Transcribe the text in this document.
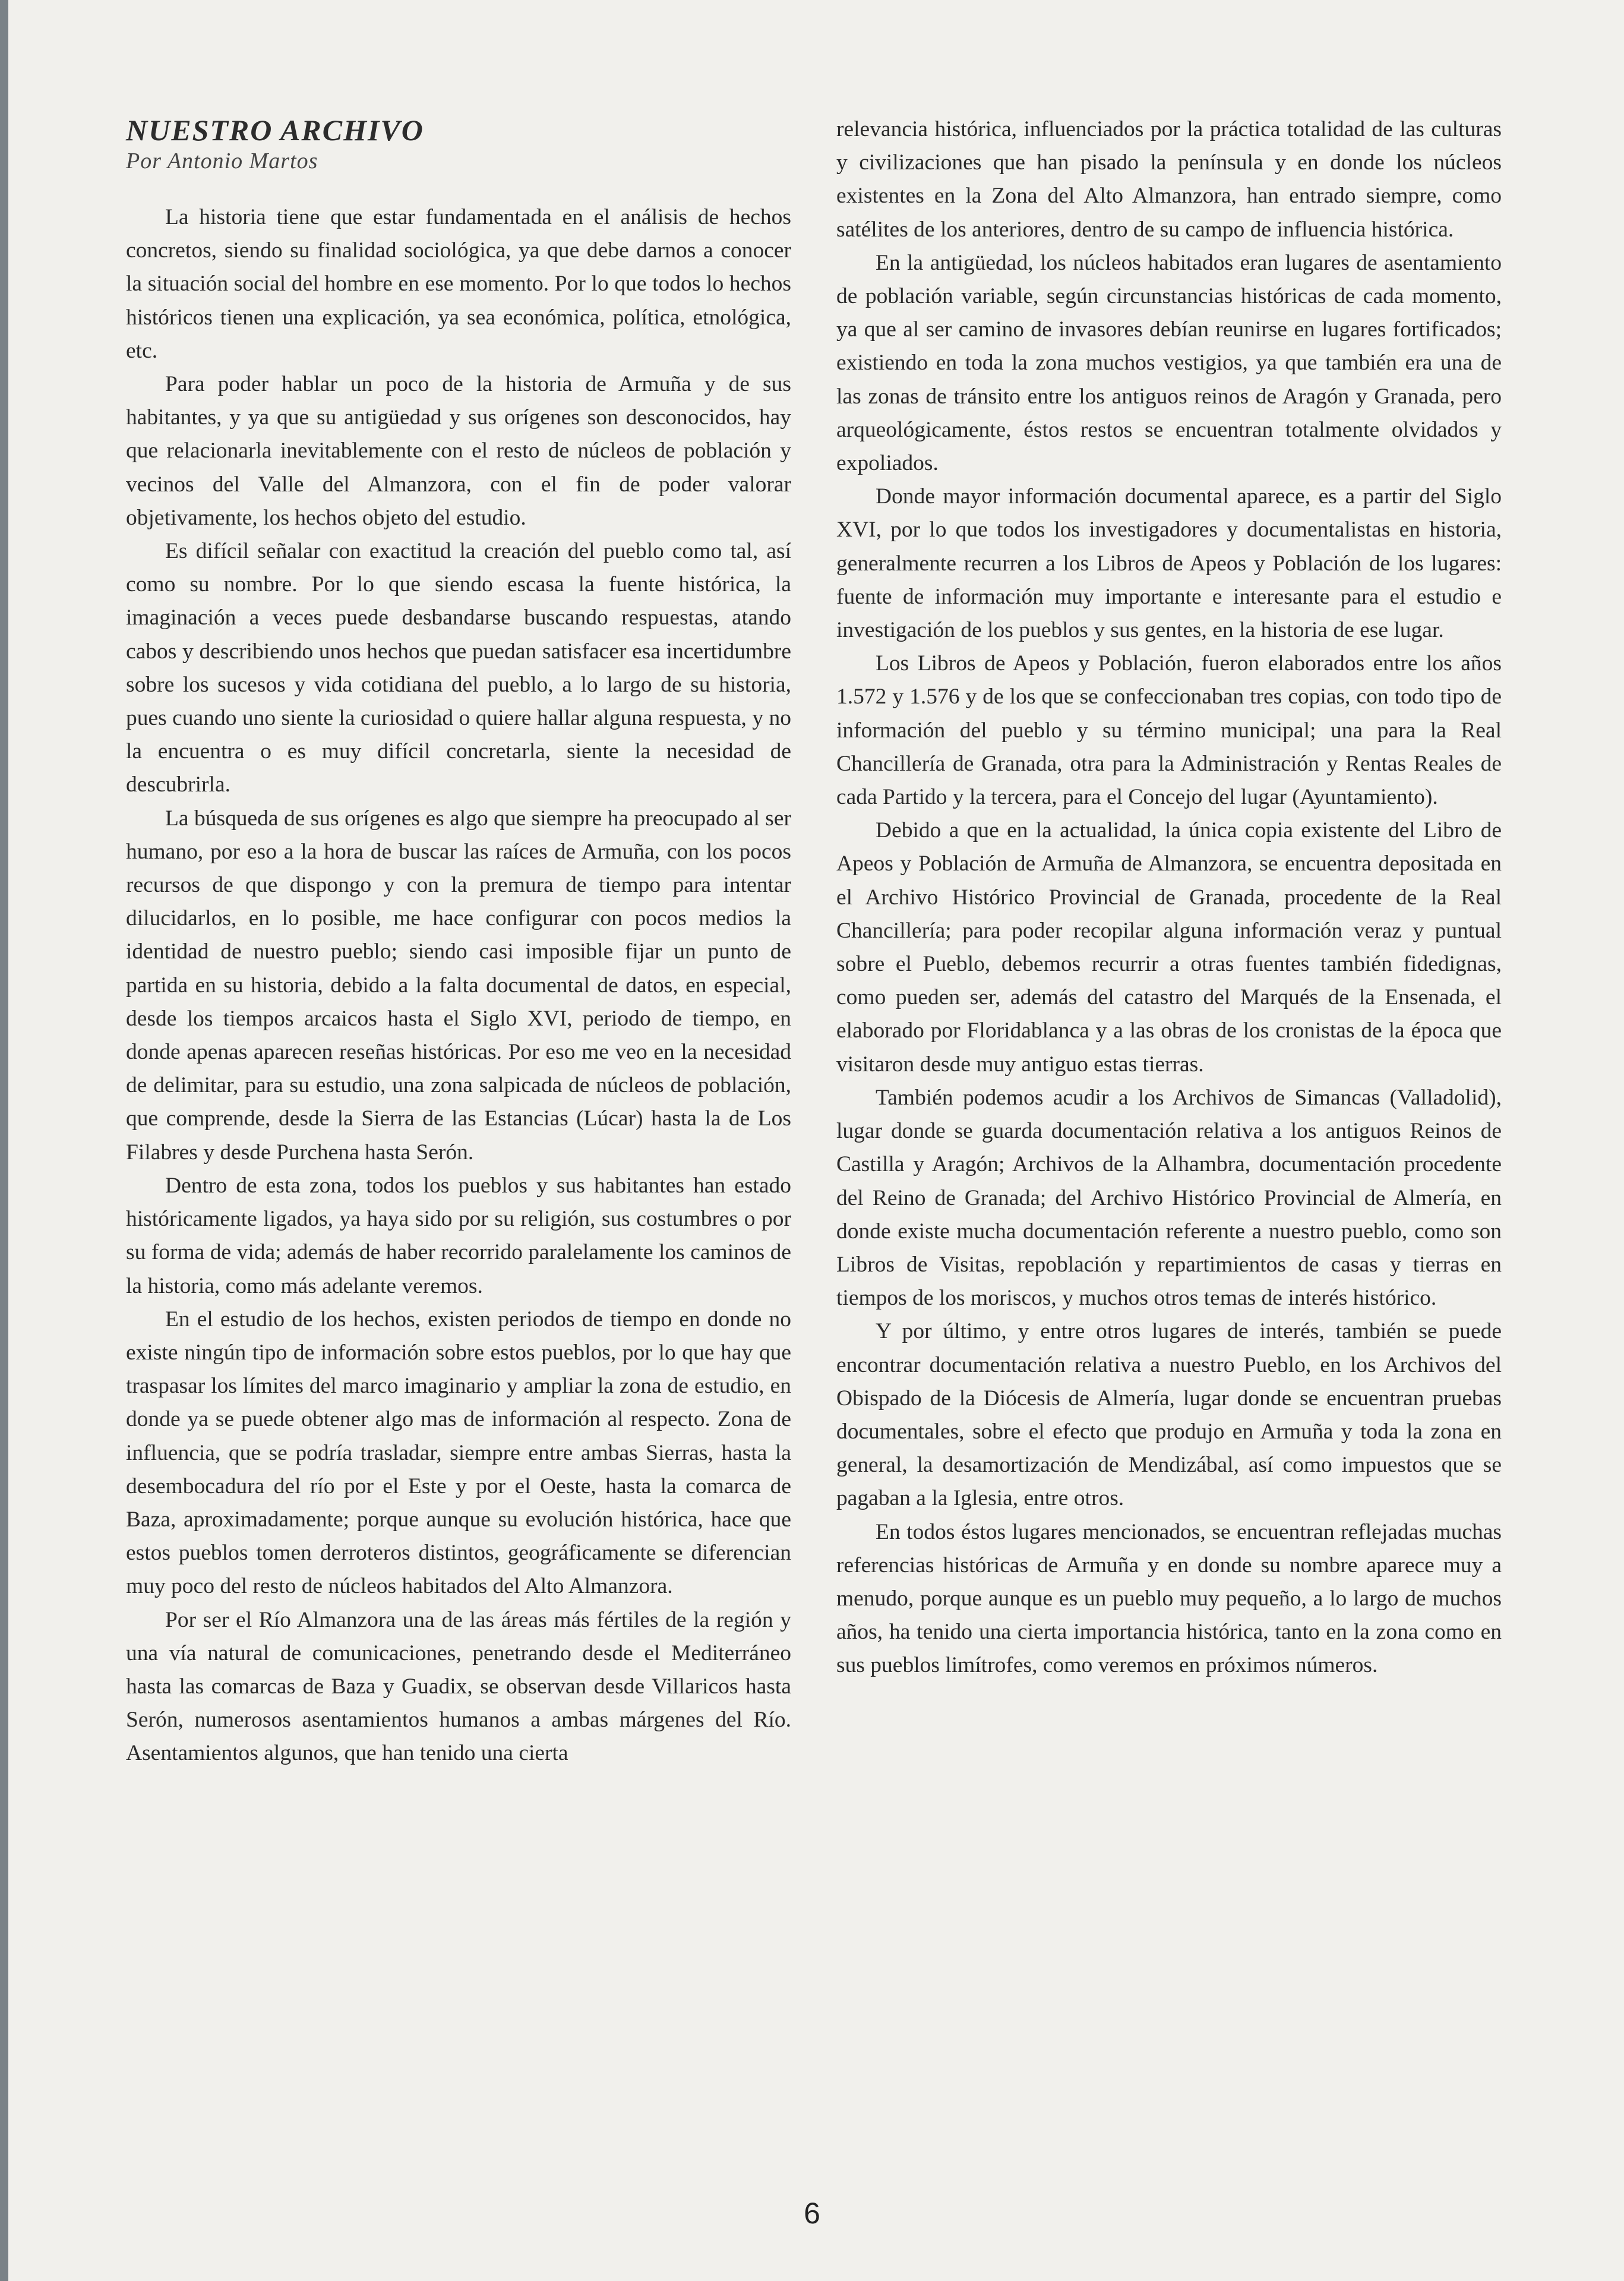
NUESTRO ARCHIVO

Por Antonio Martos

La historia tiene que estar fundamentada en el análisis de hechos concretos, siendo su finalidad sociológica, ya que debe darnos a conocer la situación social del hombre en ese momento. Por lo que todos lo hechos históricos tienen una explicación, ya sea económica, política, etnológica, etc.

Para poder hablar un poco de la historia de Armuña y de sus habitantes, y ya que su antigüedad y sus orígenes son desconocidos, hay que relacionarla inevitablemente con el resto de núcleos de población y vecinos del Valle del Almanzora, con el fin de poder valorar objetivamente, los hechos objeto del estudio.

Es difícil señalar con exactitud la creación del pueblo como tal, así como su nombre. Por lo que siendo escasa la fuente histórica, la imaginación a veces puede desbandarse buscando respuestas, atando cabos y describiendo unos hechos que puedan satisfacer esa incertidumbre sobre los sucesos y vida cotidiana del pueblo, a lo largo de su historia, pues cuando uno siente la curiosidad o quiere hallar alguna respuesta, y no la encuentra o es muy difícil concretarla, siente la necesidad de descubrirla.

La búsqueda de sus orígenes es algo que siempre ha preocupado al ser humano, por eso a la hora de buscar las raíces de Armuña, con los pocos recursos de que dispongo y con la premura de tiempo para intentar dilucidarlos, en lo posible, me hace configurar con pocos medios la identidad de nuestro pueblo; siendo casi imposible fijar un punto de partida en su historia, debido a la falta documental de datos, en especial, desde los tiempos arcaicos hasta el Siglo XVI, periodo de tiempo, en donde apenas aparecen reseñas históricas. Por eso me veo en la necesidad de delimitar, para su estudio, una zona salpicada de núcleos de población, que comprende, desde la Sierra de las Estancias (Lúcar) hasta la de Los Filabres y desde Purchena hasta Serón.

Dentro de esta zona, todos los pueblos y sus habitantes han estado históricamente ligados, ya haya sido por su religión, sus costumbres o por su forma de vida; además de haber recorrido paralelamente los caminos de la historia, como más adelante veremos.

En el estudio de los hechos, existen periodos de tiempo en donde no existe ningún tipo de información sobre estos pueblos, por lo que hay que traspasar los límites del marco imaginario y ampliar la zona de estudio, en donde ya se puede obtener algo mas de información al respecto. Zona de influencia, que se podría trasladar, siempre entre ambas Sierras, hasta la desembocadura del río por el Este y por el Oeste, hasta la comarca de Baza, aproximadamente; porque aunque su evolución histórica, hace que estos pueblos tomen derroteros distintos, geográficamente se diferencian muy poco del resto de núcleos habitados del Alto Almanzora.

Por ser el Río Almanzora una de las áreas más fértiles de la región y una vía natural de comunicaciones, penetrando desde el Mediterráneo hasta las comarcas de Baza y Guadix, se observan desde Villaricos hasta Serón, numerosos asentamientos humanos a ambas márgenes del Río. Asentamientos algunos, que han tenido una cierta

relevancia histórica, influenciados por la práctica totalidad de las culturas y civilizaciones que han pisado la península y en donde los núcleos existentes en la Zona del Alto Almanzora, han entrado siempre, como satélites de los anteriores, dentro de su campo de influencia histórica.

En la antigüedad, los núcleos habitados eran lugares de asentamiento de población variable, según circunstancias históricas de cada momento, ya que al ser camino de invasores debían reunirse en lugares fortificados; existiendo en toda la zona muchos vestigios, ya que también era una de las zonas de tránsito entre los antiguos reinos de Aragón y Granada, pero arqueológicamente, éstos restos se encuentran totalmente olvidados y expoliados.

Donde mayor información documental aparece, es a partir del Siglo XVI, por lo que todos los investigadores y documentalistas en historia, generalmente recurren a los Libros de Apeos y Población de los lugares: fuente de información muy importante e interesante para el estudio e investigación de los pueblos y sus gentes, en la historia de ese lugar.

Los Libros de Apeos y Población, fueron elaborados entre los años 1.572 y 1.576 y de los que se confeccionaban tres copias, con todo tipo de información del pueblo y su término municipal; una para la Real Chancillería de Granada, otra para la Administración y Rentas Reales de cada Partido y la tercera, para el Concejo del lugar (Ayuntamiento).

Debido a que en la actualidad, la única copia existente del Libro de Apeos y Población de Armuña de Almanzora, se encuentra depositada en el Archivo Histórico Provincial de Granada, procedente de la Real Chancillería; para poder recopilar alguna información veraz y puntual sobre el Pueblo, debemos recurrir a otras fuentes también fidedignas, como pueden ser, además del catastro del Marqués de la Ensenada, el elaborado por Floridablanca y a las obras de los cronistas de la época que visitaron desde muy antiguo estas tierras.

También podemos acudir a los Archivos de Simancas (Valladolid), lugar donde se guarda documentación relativa a los antiguos Reinos de Castilla y Aragón; Archivos de la Alhambra, documentación procedente del Reino de Granada; del Archivo Histórico Provincial de Almería, en donde existe mucha documentación referente a nuestro pueblo, como son Libros de Visitas, repoblación y repartimientos de casas y tierras en tiempos de los moriscos, y muchos otros temas de interés histórico.

Y por último, y entre otros lugares de interés, también se puede encontrar documentación relativa a nuestro Pueblo, en los Archivos del Obispado de la Diócesis de Almería, lugar donde se encuentran pruebas documentales, sobre el efecto que produjo en Armuña y toda la zona en general, la desamortización de Mendizábal, así como impuestos que se pagaban a la Iglesia, entre otros.

En todos éstos lugares mencionados, se encuentran reflejadas muchas referencias históricas de Armuña y en donde su nombre aparece muy a menudo, porque aunque es un pueblo muy pequeño, a lo largo de muchos años, ha tenido una cierta importancia histórica, tanto en la zona como en sus pueblos limítrofes, como veremos en próximos números.

6
